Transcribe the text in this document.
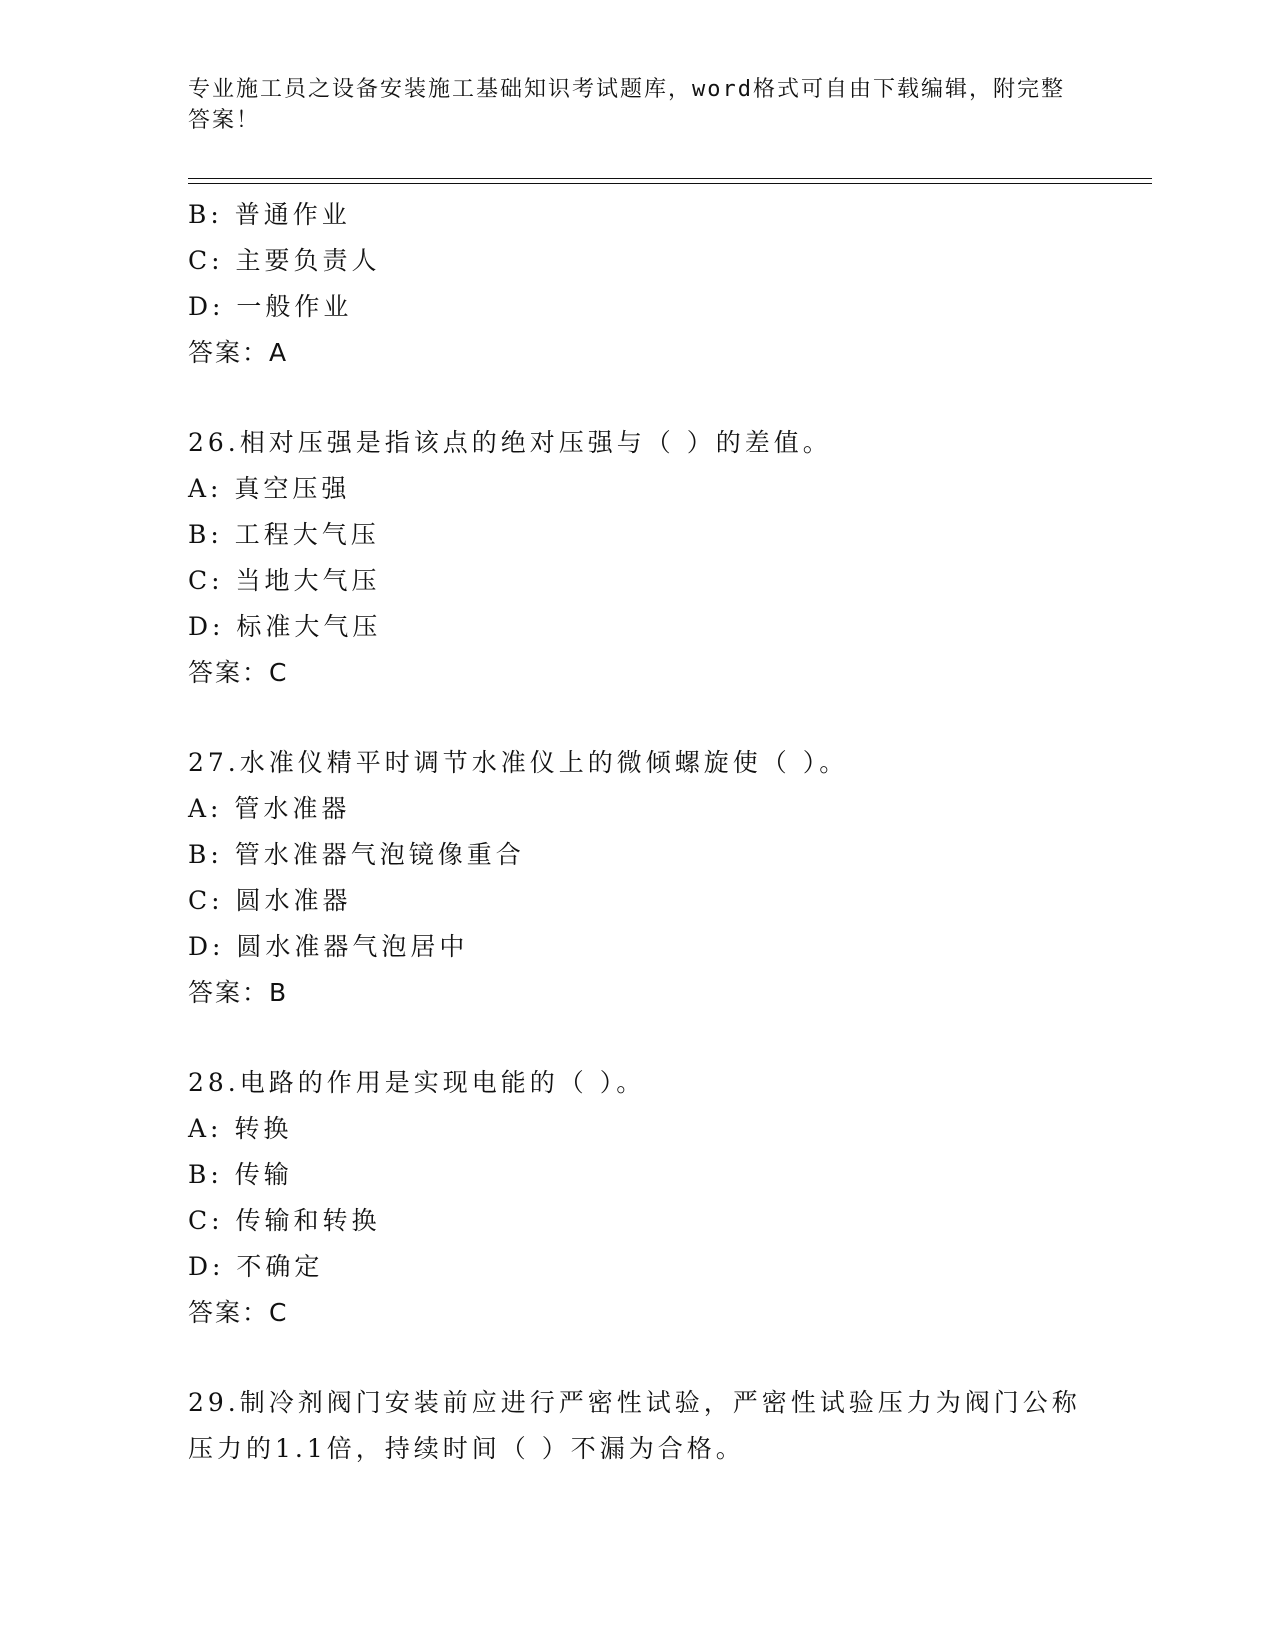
专业施工员之设备安装施工基础知识考试题库，word格式可自由下载编辑，附完整答案！
B: 普通作业
C: 主要负责人
D: 一般作业
答案：A
26.相对压强是指该点的绝对压强与（ ）的差值。
A: 真空压强
B: 工程大气压
C: 当地大气压
D: 标准大气压
答案：C
27.水准仪精平时调节水准仪上的微倾螺旋使（ ）。
A: 管水准器
B: 管水准器气泡镜像重合
C: 圆水准器
D: 圆水准器气泡居中
答案：B
28.电路的作用是实现电能的（ ）。
A: 转换
B: 传输
C: 传输和转换
D: 不确定
答案：C
29.制冷剂阀门安装前应进行严密性试验，严密性试验压力为阀门公称压力的1.1倍，持续时间（ ）不漏为合格。
